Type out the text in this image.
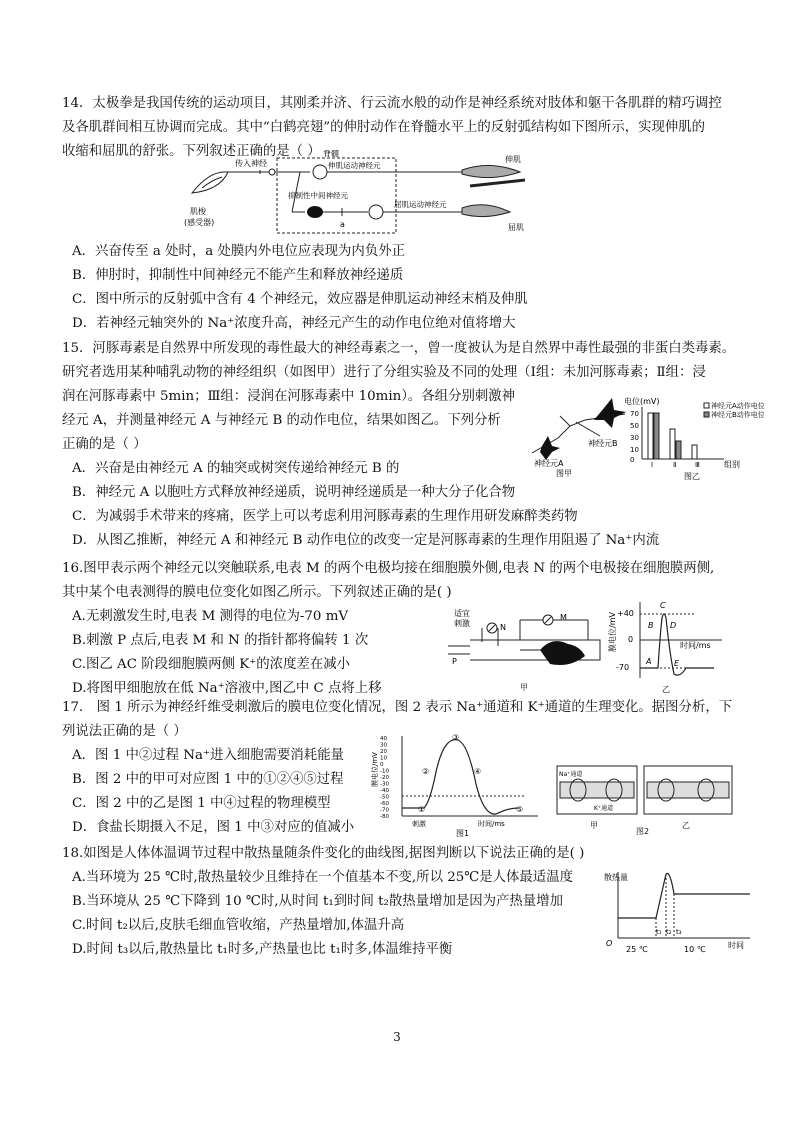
14．太极拳是我国传统的运动项目，其刚柔并济、行云流水般的动作是神经系统对肢体和躯干各肌群的精巧调控
及各肌群间相互协调而完成。其中“白鹤亮翅”的伸肘动作在脊髓水平上的反射弧结构如下图所示，实现伸肌的
收缩和屈肌的舒张。下列叙述正确的是（ ） 脊髓
肌梭
(感受器)
传入神经	伸肌运动神经元
抑制性中间神经元
a
屈肌运动神经元
伸肌
屈肌
A．兴奋传至 a 处时，a 处膜内外电位应表现为内负外正
B．伸肘时，抑制性中间神经元不能产生和释放神经递质
C．图中所示的反射弧中含有 4 个神经元，效应器是伸肌运动神经末梢及伸肌
D．若神经元轴突外的 Na⁺浓度升高，神经元产生的动作电位绝对值将增大
15．河豚毒素是自然界中所发现的毒性最大的神经毒素之一，曾一度被认为是自然界中毒性最强的非蛋白类毒素。
研究者选用某种哺乳动物的神经组织（如图甲）进行了分组实验及不同的处理（Ⅰ组：未加河豚毒素；Ⅱ组：浸
润在河豚毒素中 5min；Ⅲ组：浸润在河豚毒素中 10min）。各组分别刺激神
经元 A，并测量神经元 A 与神经元 B 的动作电位，结果如图乙。下列分析
正确的是（ ）
A．兴奋是由神经元 A 的轴突或树突传递给神经元 B 的
B．神经元 A 以胞吐方式释放神经递质，说明神经递质是一种大分子化合物
C．为减弱手术带来的疼痛，医学上可以考虑利用河豚毒素的生理作用研发麻醉类药物
D．从图乙推断，神经元 A 和神经元 B 动作电位的改变一定是河豚毒素的生理作用阻遏了 Na⁺内流
神经元B
神经元A
图甲
电位(mV)
70
50
30
10
0
Ⅰ	Ⅱ	Ⅲ
神经元A动作电位
神经元B动作电位
组别
图乙
16.图甲表示两个神经元以突触联系,电表 M 的两个电极均接在细胞膜外侧,电表 N 的两个电极接在细胞膜两侧,
其中某个电表测得的膜电位变化如图乙所示。下列叙述正确的是( )
A.无刺激发生时,电表 M 测得的电位为-70 mV
B.刺激 P 点后,电表 M 和 N 的指针都将偏转 1 次
C.图乙 AC 阶段细胞膜两侧 K⁺的浓度差在减小
D.将图甲细胞放在低 Na⁺溶液中,图乙中 C 点将上移
适宜
刺激	N
M
P
甲
膜电位/mV +40
0
-70
C
B D
A	E
时间/ms
乙
17． 图 1 所示为神经纤维受刺激后的膜电位变化情况，图 2 表示 Na⁺通道和 K⁺通道的生理变化。据图分析，下
列说法正确的是（ ）
A．图 1 中②过程 Na⁺进入细胞需要消耗能量
B．图 2 中的甲可对应图 1 中的①②④⑤过程
C．图 2 中的乙是图 1 中④过程的物理模型
D．食盐长期摄入不足，图 1 中③对应的值减小
膜电位/mV
40
30
20
10
0
-10
-20
-30
-40
-50
-60
-70
-80
①
②
③
④
⑤
刺激	时间/ms
图1
Na⁺通道
K⁺通道
甲	乙
图2
18.如图是人体体温调节过程中散热量随条件变化的曲线图,据图判断以下说法正确的是( )
A.当环境为 25 ℃时,散热量较少且维持在一个值基本不变,所以 25℃是人体最适温度
B.当环境从 25 ℃下降到 10 ℃时,从时间 t₁到时间 t₂散热量增加是因为产热量增加
C.时间 t₂以后,皮肤毛细血管收缩，产热量增加,体温升高
D.时间 t₃以后,散热量比 t₁时多,产热量也比 t₁时多,体温维持平衡
散热量
O
t₁ t₂ t₃
25 ℃	10 ℃	时间
3
